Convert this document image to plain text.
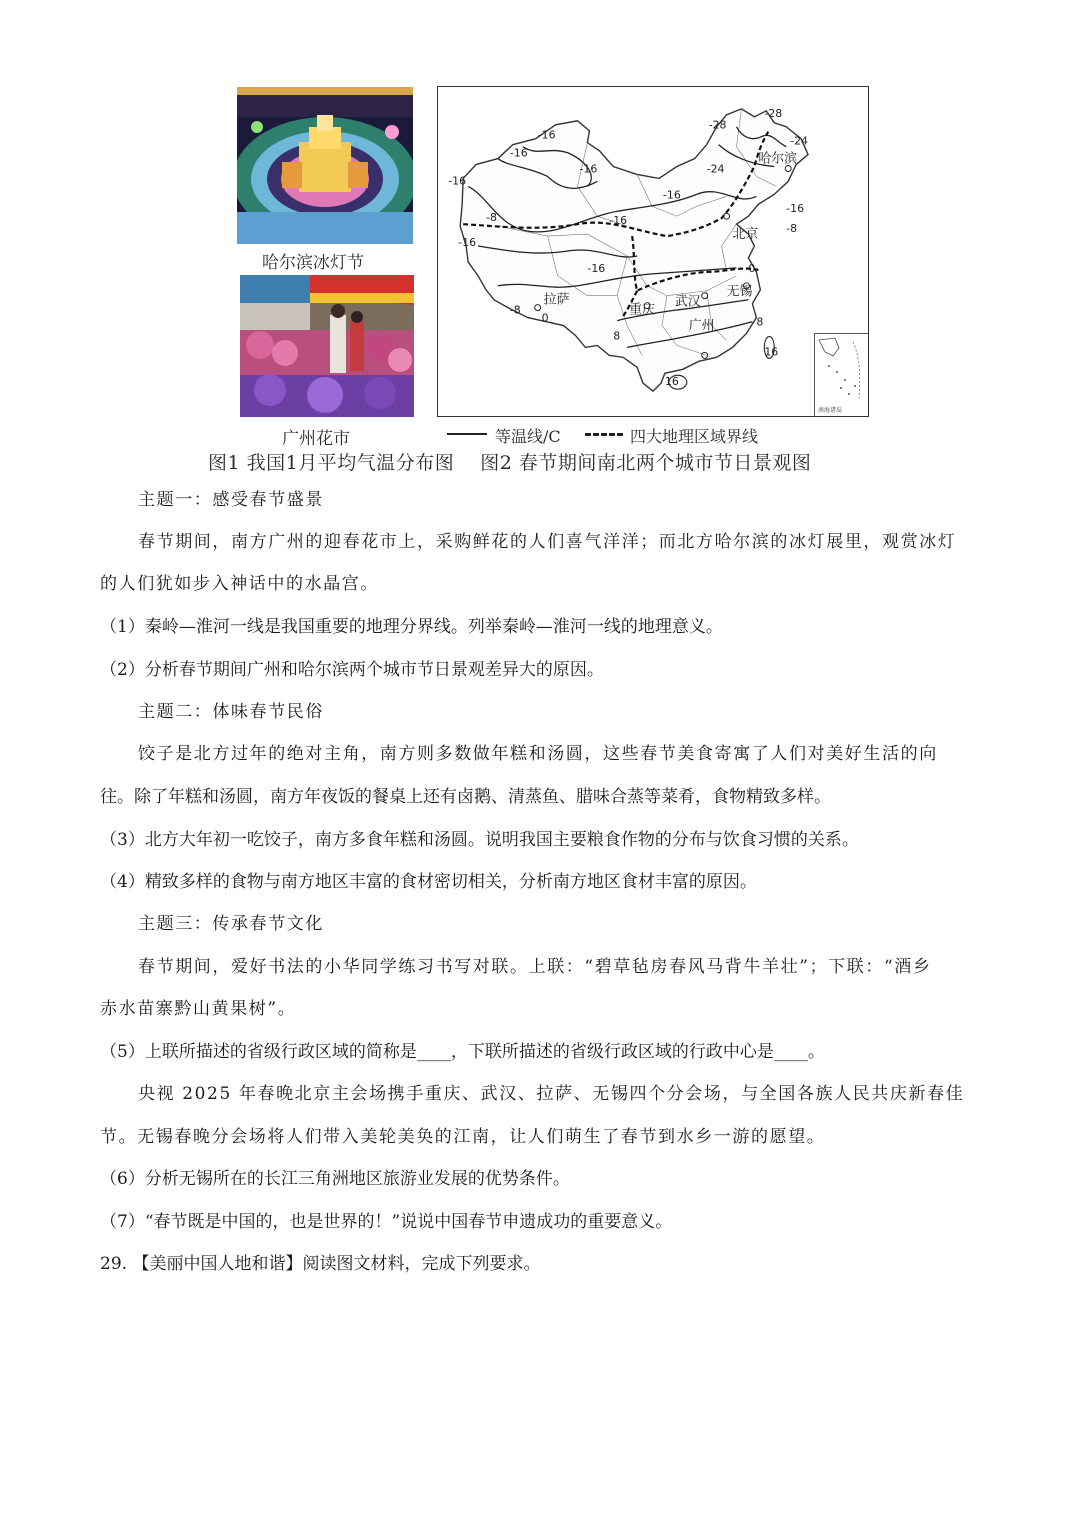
哈尔滨冰灯节
广州花市
-28
-28
-24
-24
-16
-16
-16
-16
-16
-16
-16
-16
-16
-8
-8
-8
0
0
8
8
16
16
哈尔滨
北京
拉萨
重庆
武汉
无锡
广州
南海诸岛
等温线/C	四大地理区域界线
图1 我国1月平均气温分布图 图2 春节期间南北两个城市节日景观图
主题一：感受春节盛景
春节期间，南方广州的迎春花市上，采购鲜花的人们喜气洋洋；而北方哈尔滨的冰灯展里，观赏冰灯
的人们犹如步入神话中的水晶宫。
（1）秦岭—淮河一线是我国重要的地理分界线。列举秦岭—淮河一线的地理意义。
（2）分析春节期间广州和哈尔滨两个城市节日景观差异大的原因。
主题二：体味春节民俗
饺子是北方过年的绝对主角，南方则多数做年糕和汤圆，这些春节美食寄寓了人们对美好生活的向
往。除了年糕和汤圆，南方年夜饭的餐桌上还有卤鹅、清蒸鱼、腊味合蒸等菜肴，食物精致多样。
（3）北方大年初一吃饺子，南方多食年糕和汤圆。说明我国主要粮食作物的分布与饮食习惯的关系。
（4）精致多样的食物与南方地区丰富的食材密切相关，分析南方地区食材丰富的原因。
主题三：传承春节文化
春节期间，爱好书法的小华同学练习书写对联。上联：“碧草毡房春风马背牛羊壮”；下联：“酒乡
赤水苗寨黔山黄果树”。
（5）上联所描述的省级行政区域的简称是____，下联所描述的省级行政区域的行政中心是____。
央视 2025 年春晚北京主会场携手重庆、武汉、拉萨、无锡四个分会场，与全国各族人民共庆新春佳
节。无锡春晚分会场将人们带入美轮美奂的江南，让人们萌生了春节到水乡一游的愿望。
（6）分析无锡所在的长江三角洲地区旅游业发展的优势条件。
（7）“春节既是中国的，也是世界的！”说说中国春节申遗成功的重要意义。
29. 【美丽中国人地和谐】阅读图文材料，完成下列要求。
